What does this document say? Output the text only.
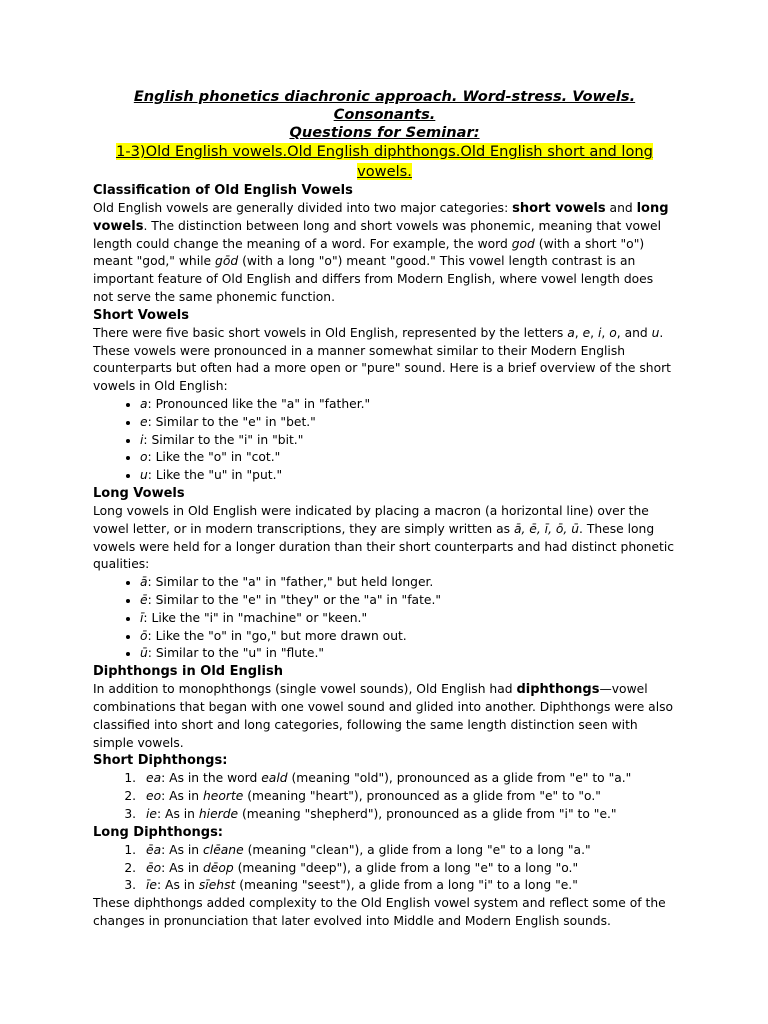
English phonetics diachronic approach. Word-stress. Vowels. Consonants.
Questions for Seminar:
1-3)Old English vowels.Old English diphthongs.Old English short and long vowels.
Classification of Old English Vowels

Old English vowels are generally divided into two major categories: short vowels and long vowels. The distinction between long and short vowels was phonemic, meaning that vowel length could change the meaning of a word. For example, the word god (with a short "o") meant "god," while gōd (with a long "o") meant "good." This vowel length contrast is an important feature of Old English and differs from Modern English, where vowel length does not serve the same phonemic function.

Short Vowels

There were five basic short vowels in Old English, represented by the letters a, e, i, o, and u. These vowels were pronounced in a manner somewhat similar to their Modern English counterparts but often had a more open or "pure" sound. Here is a brief overview of the short vowels in Old English:

• a: Pronounced like the "a" in "father."
• e: Similar to the "e" in "bet."
• i: Similar to the "i" in "bit."
• o: Like the "o" in "cot."
• u: Like the "u" in "put."
Long Vowels

Long vowels in Old English were indicated by placing a macron (a horizontal line) over the vowel letter, or in modern transcriptions, they are simply written as ā, ē, ī, ō, ū. These long vowels were held for a longer duration than their short counterparts and had distinct phonetic qualities:

• ā: Similar to the "a" in "father," but held longer.
• ē: Similar to the "e" in "they" or the "a" in "fate."
• ī: Like the "i" in "machine" or "keen."
• ō: Like the "o" in "go," but more drawn out.
• ū: Similar to the "u" in "flute."
Diphthongs in Old English

In addition to monophthongs (single vowel sounds), Old English had diphthongs—vowel combinations that began with one vowel sound and glided into another. Diphthongs were also classified into short and long categories, following the same length distinction seen with simple vowels.

Short Diphthongs:
1. ea: As in the word eald (meaning "old"), pronounced as a glide from "e" to "a."
2. eo: As in heorte (meaning "heart"), pronounced as a glide from "e" to "o."
3. ie: As in hierde (meaning "shepherd"), pronounced as a glide from "i" to "e."
Long Diphthongs:
1. ēa: As in clēane (meaning "clean"), a glide from a long "e" to a long "a."
2. ēo: As in dēop (meaning "deep"), a glide from a long "e" to a long "o."
3. īe: As in sīehst (meaning "seest"), a glide from a long "i" to a long "e."

These diphthongs added complexity to the Old English vowel system and reflect some of the changes in pronunciation that later evolved into Middle and Modern English sounds.
